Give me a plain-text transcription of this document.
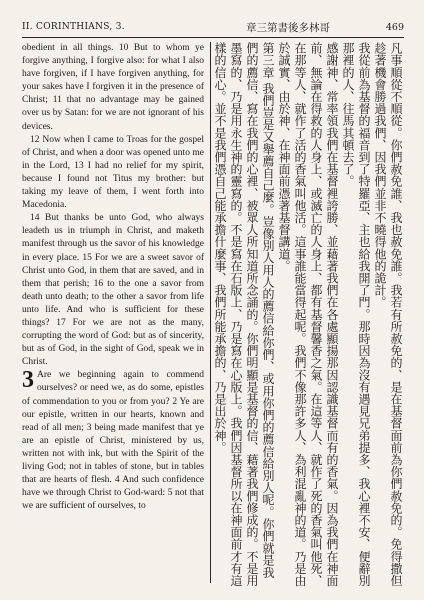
II. CORINTHIANS, 3.	章三第書後多林哥	469

obedient in all things. 10 But to whom ye forgive anything, I forgive also: for what I also have forgiven, if I have forgiven anything, for your sakes have I forgiven it in the presence of Christ; 11 that no advantage may be gained over us by Satan: for we are not ignorant of his devices.

12 Now when I came to Troas for the gospel of Christ, and when a door was opened unto me in the Lord, 13 I had no relief for my spirit, because I found not Titus my brother: but taking my leave of them, I went forth into Macedonia.

14 But thanks be unto God, who always leadeth us in triumph in Christ, and maketh manifest through us the savor of his knowledge in every place. 15 For we are a sweet savor of Christ unto God, in them that are saved, and in them that perish; 16 to the one a savor from death unto death; to the other a savor from life unto life. And who is sufficient for these things? 17 For we are not as the many, corrupting the word of God: but as of sincerity, but as of God, in the sight of God, speak we in Christ.

3 Are we beginning again to commend ourselves? or need we, as do some, epistles of commendation to you or from you? 2 Ye are our epistle, written in our hearts, known and read of all men; 3 being made manifest that ye are an epistle of Christ, ministered by us, written not with ink, but with the Spirit of the living God; not in tables of stone, but in tables that are hearts of flesh. 4 And such confidence have we through Christ to God-ward: 5 not that we are sufficient of ourselves, to	凡事順從不順從。你們赦免誰、我也赦免誰。我若有所赦免的、是在基督面前為你們赦免的。免得撒但趁著機會勝過我們、因我們並非不曉得他的詭計。

我從前為基督的福音到了特羅亞、主也給我開了門。那時因為沒有遇見兄弟提多、我心裡不安、便辭別那裡的人、往馬其頓去了。

感謝神、常率領我們在基督裡誇勝、並藉著我們在各處顯揚那因認識基督而有的香氣。因為我們在神面前、無論在得救的人身上、或滅亡的人身上、都有基督馨香之氣。在這等人、就作了死的香氣叫他死、在那等人、就作了活的香氣叫他活。這事誰能當得起呢。我們不像那許多人、為利混亂神的道。乃是由於誠實、由於神、在神面前憑著基督講道。

第三章 我們豈是又舉薦自己麼。豈像別人用人的薦信給你們、或用你們的薦信給別人呢。你們就是我們的薦信、寫在我們的心裡、被眾人所知道所念誦的。你們明顯是基督的信、藉著我們修成的。不是用墨寫的、乃是用永生神的靈寫的。不是寫在石版上、乃是寫在心版上。我們因基督所以在神面前才有這樣的信心。並不是我們憑自己能承擔什麼事、我們所能承擔的、乃是出於神。
